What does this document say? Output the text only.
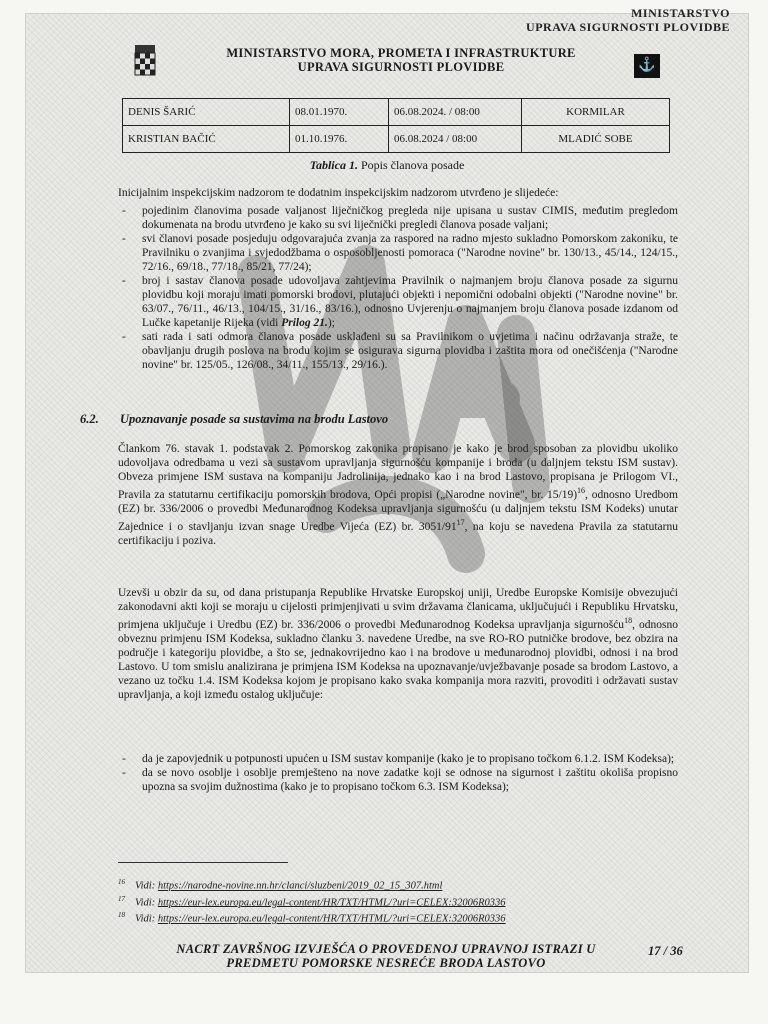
MINISTARSTVO
UPRAVA SIGURNOSTI PLOVIDBE
MINISTARSTVO MORA, PROMETA I INFRASTRUKTURE
UPRAVA SIGURNOSTI PLOVIDBE	⚓
DENIS ŠARIĆ	08.01.1970.	06.08.2024. / 08:00	KORMILAR
KRISTIAN BAČIĆ	01.10.1976.	06.08.2024 / 08:00	MLADIĆ SOBE
Tablica 1. Popis članova posade
Inicijalnim inspekcijskim nadzorom te dodatnim inspekcijskim nadzorom utvrđeno je slijedeće:
- pojedinim članovima posade valjanost liječničkog pregleda nije upisana u sustav CIMIS, međutim pregledom dokumenata na brodu utvrđeno je kako su svi liječnički pregledi članova posade valjani;
- svi članovi posade posjeduju odgovarajuća zvanja za raspored na radno mjesto sukladno Pomorskom zakoniku, te Pravilniku o zvanjima i svjedodžbama o osposobljenosti pomoraca ("Narodne novine" br. 130/13., 45/14., 124/15., 72/16., 69/18., 77/18., 85/21, 77/24);
- broj i sastav članova posade udovoljava zahtjevima Pravilnik o najmanjem broju članova posade za sigurnu plovidbu koji moraju imati pomorski brodovi, plutajući objekti i nepomični odobalni objekti ("Narodne novine" br. 63/07., 76/11., 46/13., 104/15., 31/16., 83/16.), odnosno Uvjerenju o najmanjem broju članova posade izdanom od Lučke kapetanije Rijeka (vidi Prilog 21.);
- sati rada i sati odmora članova posade usklađeni su sa Pravilnikom o uvjetima i načinu održavanja straže, te obavljanju drugih poslova na brodu kojim se osigurava sigurna plovidba i zaštita mora od onečišćenja ("Narodne novine" br. 125/05., 126/08., 34/11., 155/13., 29/16.).
6.2. Upoznavanje posade sa sustavima na brodu Lastovo
Člankom 76. stavak 1. podstavak 2. Pomorskog zakonika propisano je kako je brod sposoban za plovidbu ukoliko udovoljava odredbama u vezi sa sustavom upravljanja sigurnošću kompanije i broda (u daljnjem tekstu ISM sustav). Obveza primjene ISM sustava na kompaniju Jadrolinija, jednako kao i na brod Lastovo, propisana je Prilogom VI., Pravila za statutarnu certifikaciju pomorskih brodova, Opći propisi („Narodne novine", br. 15/19)$^{16}$, odnosno Uredbom (EZ) br. 336/2006 o provedbi Međunarodnog Kodeksa upravljanja sigurnošću (u daljnjem tekstu ISM Kodeks) unutar Zajednice i o stavljanju izvan snage Uredbe Vijeća (EZ) br. $3051/91^{17}$, na koju se navedena Pravila za statutarnu certifikaciju i poziva.
Uzevši u obzir da su, od dana pristupanja Republike Hrvatske Europskoj uniji, Uredbe Europske Komisije obvezujući zakonodavni akti koji se moraju u cijelosti primjenjivati u svim državama članicama, uključujući i Republiku Hrvatsku, primjena uključuje i Uredbu (EZ) br. 336/2006 o provedbi Međunarodnog Kodeksa upravljanja sigurnošću$^{18}$, odnosno obveznu primjenu ISM Kodeksa, sukladno članku 3. navedene Uredbe, na sve RO-RO putničke brodove, bez obzira na područje i kategoriju plovidbe, a što se, jednakovrijedno kao i na brodove u međunarodnoj plovidbi, odnosi i na brod Lastovo. U tom smislu analizirana je primjena ISM Kodeksa na upoznavanje/uvježbavanje posade sa brodom Lastovo, a vezano uz točku 1.4. ISM Kodeksa kojom je propisano kako svaka kompanija mora razviti, provoditi i održavati sustav upravljanja, a koji između ostalog uključuje:
- da je zapovjednik u potpunosti upućen u ISM sustav kompanije (kako je to propisano točkom 6.1.2. ISM Kodeksa);
- da se novo osoblje i osoblje premješteno na nove zadatke koji se odnose na sigurnost i zaštitu okoliša propisno upozna sa svojim dužnostima (kako je to propisano točkom 6.3. ISM Kodeksa);
$^{16}$ Vidi: https://narodne-novine.nn.hr/clanci/sluzbeni/2019_02_15_307.html
$^{17}$ Vidi: https://eur-lex.europa.eu/legal-content/HR/TXT/HTML/?uri=CELEX:32006R0336
$^{18}$ Vidi: https://eur-lex.europa.eu/legal-content/HR/TXT/HTML/?uri=CELEX:32006R0336
NACRT ZAVRŠNOG IZVJEŠĆA O PROVEDENOJ UPRAVNOJ ISTRAZI U
PREDMETU POMORSKE NESREĆE BRODA LASTOVO
17 / 36
